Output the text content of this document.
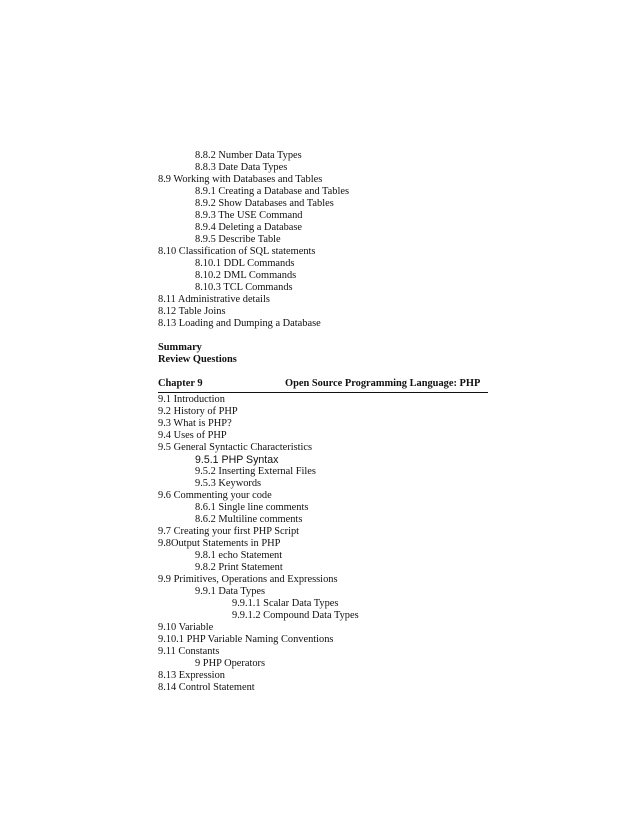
8.8.2 Number Data Types
8.8.3 Date Data Types
8.9 Working with Databases and Tables
8.9.1 Creating a Database and Tables
8.9.2 Show Databases and Tables
8.9.3 The USE Command
8.9.4 Deleting a Database
8.9.5 Describe Table
8.10 Classification of SQL statements
8.10.1 DDL Commands
8.10.2 DML Commands
8.10.3 TCL Commands
8.11 Administrative details
8.12 Table Joins
8.13 Loading and Dumping a Database
Summary
Review Questions
Chapter 9	Open Source Programming Language: PHP
9.1 Introduction
9.2 History of PHP
9.3 What is PHP?
9.4 Uses of PHP
9.5 General Syntactic Characteristics
9.5.1 PHP Syntax
9.5.2 Inserting External Files
9.5.3 Keywords
9.6 Commenting your code
8.6.1 Single line comments
8.6.2 Multiline comments
9.7 Creating your first PHP Script
9.8Output Statements in PHP
9.8.1 echo Statement
9.8.2 Print Statement
9.9 Primitives, Operations and Expressions
9.9.1 Data Types
9.9.1.1 Scalar Data Types
9.9.1.2 Compound Data Types
9.10 Variable
9.10.1 PHP Variable Naming Conventions
9.11 Constants
9 PHP Operators
8.13 Expression
8.14 Control Statement
